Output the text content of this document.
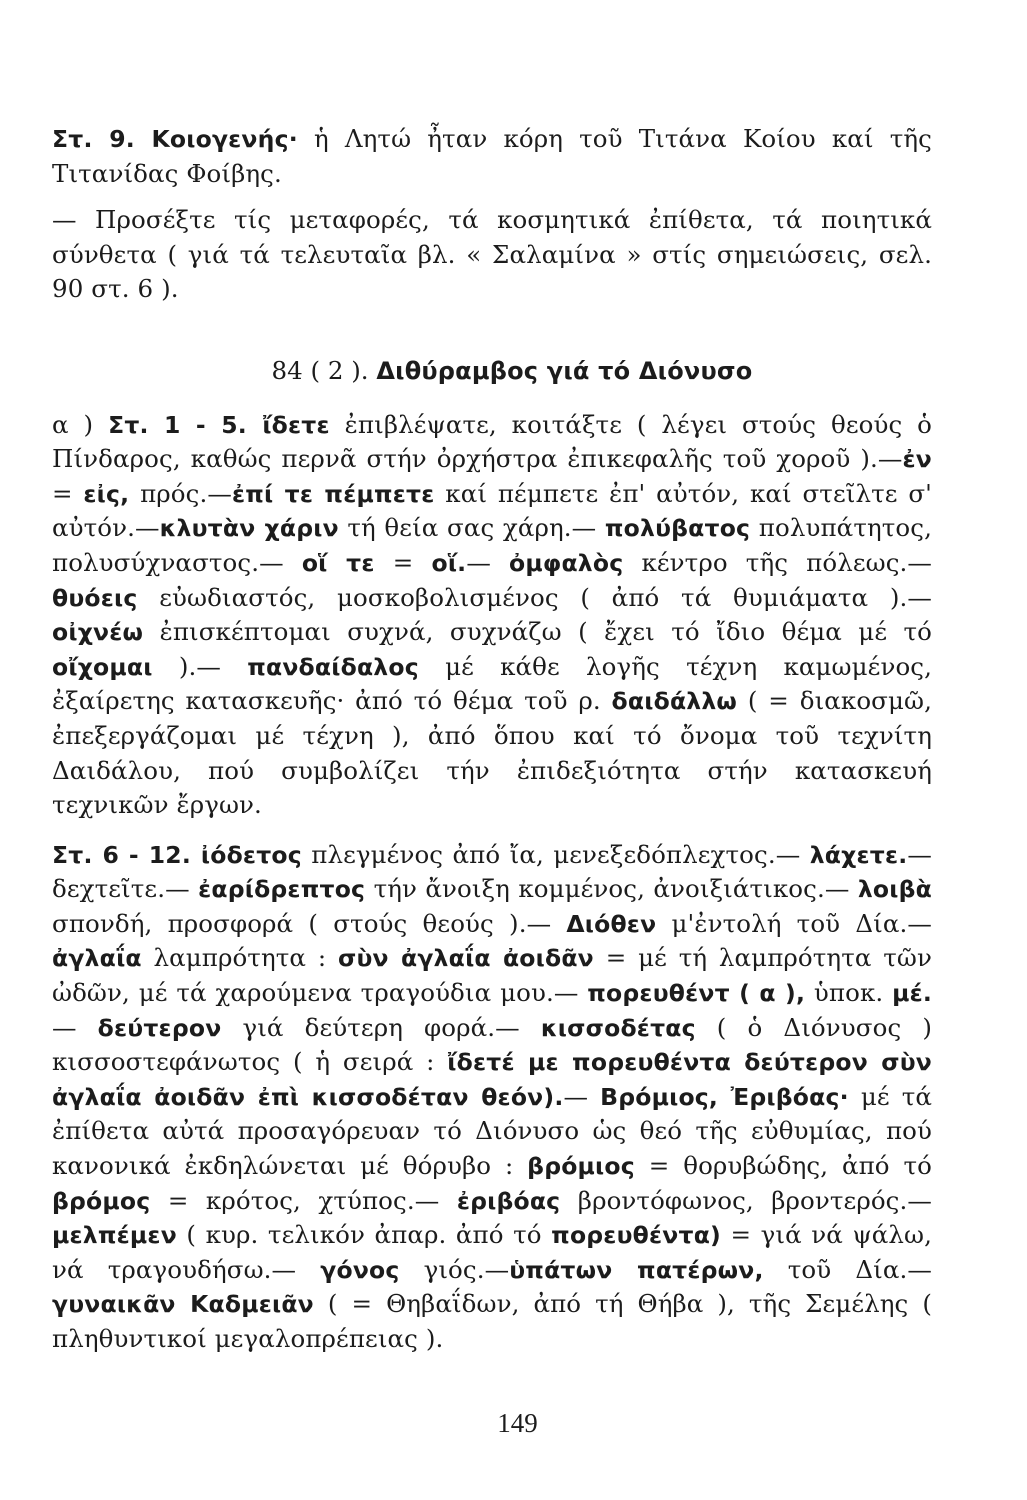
Στ. 9. Κοιογενής· ἡ Λητώ ἦταν κόρη τοῦ Τιτάνα Κοίου καί τῆς Τιτανίδας Φοίβης.

— Προσέξτε τίς μεταφορές, τά κοσμητικά ἐπίθετα, τά ποιητικά σύνθετα ( γιά τά τελευταῖα βλ. « Σαλαμίνα » στίς σημειώσεις, σελ. 90 στ. 6 ).

84 ( 2 ). Διθύραμβος γιά τό Διόνυσο

α ) Στ. 1 - 5. ἴδετε ἐπιβλέψατε, κοιτάξτε ( λέγει στούς θεούς ὁ Πίνδαρος, καθώς περνᾶ στήν ὀρχήστρα ἐπικεφαλῆς τοῦ χοροῦ ).—ἐν = εἰς, πρός.—ἐπί τε πέμπετε καί πέμπετε ἐπ' αὐτόν, καί στεῖλτε σ' αὐτόν.—κλυτὰν χάριν τή θεία σας χάρη.— πολύβατος πολυπάτητος, πολυσύχναστος.— οἵ τε = οἵ.— ὀμφαλὸς κέντρο τῆς πόλεως.— θυόεις εὐωδιαστός, μοσκοβολισμένος ( ἀπό τά θυμιάματα ).— οἰχνέω ἐπισκέπτομαι συχνά, συχνάζω ( ἔχει τό ἴδιο θέμα μέ τό οἴχομαι ).— πανδαίδαλος μέ κάθε λογῆς τέχνη καμωμένος, ἐξαίρετης κατασκευῆς· ἀπό τό θέμα τοῦ ρ. δαιδάλλω ( = διακοσμῶ, ἐπεξεργάζομαι μέ τέχνη ), ἀπό ὅπου καί τό ὄνομα τοῦ τεχνίτη Δαιδάλου, πού συμβολίζει τήν ἐπιδεξιότητα στήν κατασκευή τεχνικῶν ἔργων.

Στ. 6 - 12. ἰόδετος πλεγμένος ἀπό ἴα, μενεξεδόπλεχτος.— λάχετε.— δεχτεῖτε.— ἐαρίδρεπτος τήν ἄνοιξη κομμένος, ἀνοιξιάτικος.— λοιβὰ σπονδή, προσφορά ( στούς θεούς ).— Διόθεν μ'ἐντολή τοῦ Δία.— ἀγλαΐα λαμπρότητα : σὺν ἀγλαΐα ἀοιδᾶν = μέ τή λαμπρότητα τῶν ὠδῶν, μέ τά χαρούμενα τραγούδια μου.— πορευθέντ ( α ), ὑποκ. μέ.— δεύτερον γιά δεύτερη φορά.— κισσοδέτας ( ὁ Διόνυσος ) κισσοστεφάνωτος ( ἡ σειρά : ἴδετέ με πορευθέντα δεύτερον σὺν ἀγλαΐα ἀοιδᾶν ἐπὶ κισσοδέταν θεόν).— Βρόμιος, Ἐριβόας· μέ τά ἐπίθετα αὐτά προσαγόρευαν τό Διόνυσο ὡς θεό τῆς εὐθυμίας, πού κανονικά ἐκδηλώνεται μέ θόρυβο : βρόμιος = θορυβώδης, ἀπό τό βρόμος = κρότος, χτύπος.— ἐριβόας βροντόφωνος, βροντερός.— μελπέμεν ( κυρ. τελικόν ἀπαρ. ἀπό τό πορευθέντα) = γιά νά ψάλω, νά τραγουδήσω.— γόνος γιός.—ὑπάτων πατέρων, τοῦ Δία.— γυναικᾶν Καδμειᾶν ( = Θηβαΐδων, ἀπό τή Θήβα ), τῆς Σεμέλης ( πληθυντικοί μεγαλοπρέπειας ).

149
